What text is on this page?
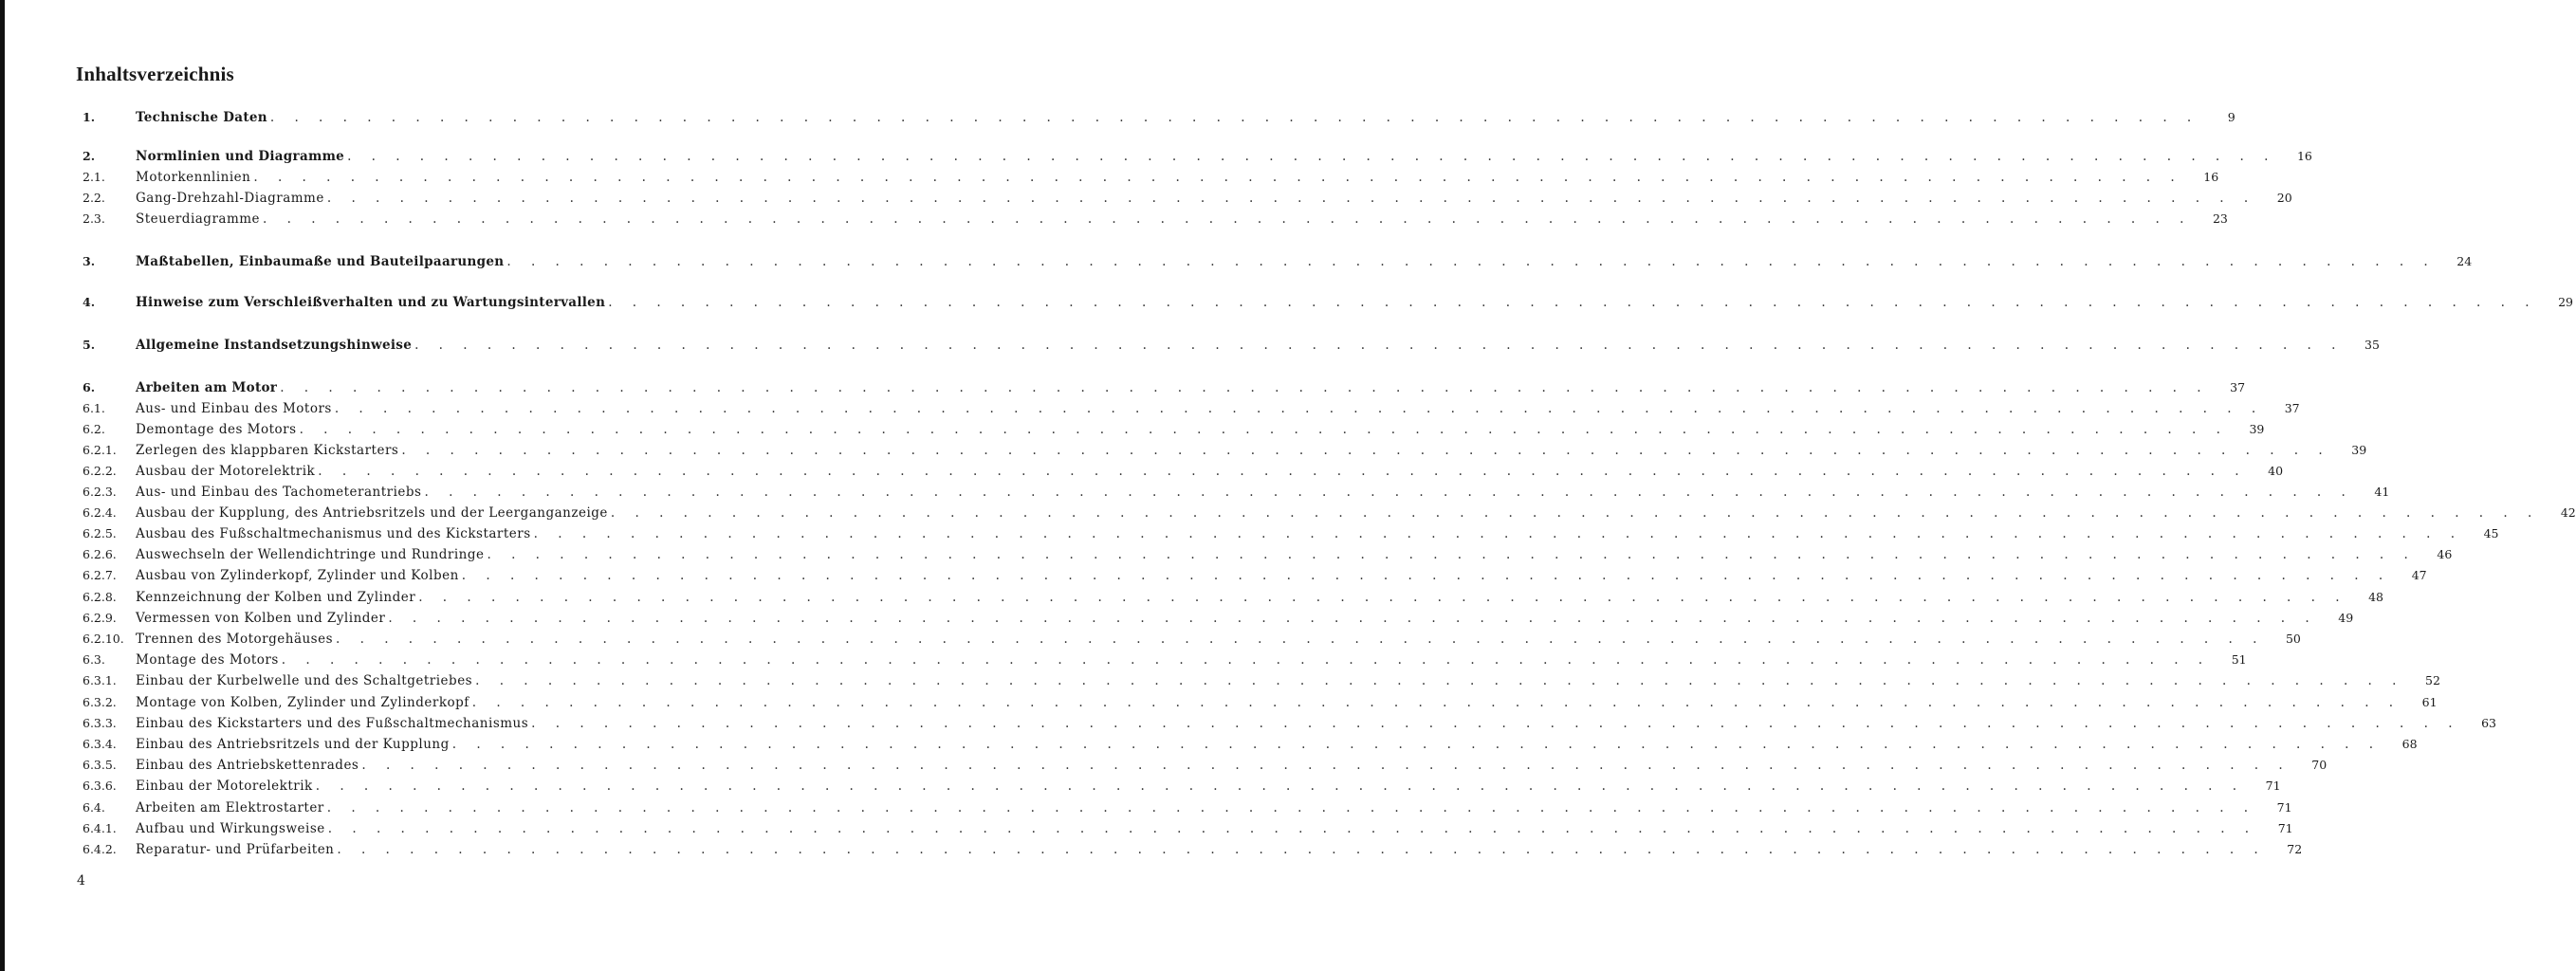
Inhaltsverzeichnis
1.	Technische Daten . . .	9
2.	Normlinien und Diagramme . . .	16
2.1.	Motorkennlinien . . .	16
2.2.	Gang-Drehzahl-Diagramme . . .	20
2.3.	Steuerdiagramme . . .	23
3.	Maßtabellen, Einbaumaße und Bauteilpaarungen . . .	24
4.	Hinweise zum Verschleißverhalten und zu Wartungsintervallen . . .	29
5.	Allgemeine Instandsetzungshinweise . . .	35
6.	Arbeiten am Motor . . .	37
6.1.	Aus- und Einbau des Motors . . .	37
6.2.	Demontage des Motors . . .	39
6.2.1.	Zerlegen des klappbaren Kickstarters . . .	39
6.2.2.	Ausbau der Motorelektrik . . .	40
6.2.3.	Aus- und Einbau des Tachometerantriebs . . .	41
6.2.4.	Ausbau der Kupplung, des Antriebsritzels und der Leerganganzeige . . .	42
6.2.5.	Ausbau des Fußschaltmechanismus und des Kickstarters . . .	45
6.2.6.	Auswechseln der Wellendichtringe und Rundringe . . .	46
6.2.7.	Ausbau von Zylinderkopf, Zylinder und Kolben . . .	47
6.2.8.	Kennzeichnung der Kolben und Zylinder . . .	48
6.2.9.	Vermessen von Kolben und Zylinder . . .	49
6.2.10. Trennen des Motorgehäuses . . .	50
6.3.	Montage des Motors . . .	51
6.3.1.	Einbau der Kurbelwelle und des Schaltgetriebes . . .	52
6.3.2.	Montage von Kolben, Zylinder und Zylinderkopf . . .	61
6.3.3.	Einbau des Kickstarters und des Fußschaltmechanismus . . .	63
6.3.4.	Einbau des Antriebsritzels und der Kupplung . . .	68
6.3.5.	Einbau des Antriebskettenrades . . .	70
6.3.6.	Einbau der Motorelektrik . . .	71
6.4.	Arbeiten am Elektrostarter . . .	71
6.4.1.	Aufbau und Wirkungsweise . . .	71
6.4.2.	Reparatur- und Prüfarbeiten . . .	72

4
